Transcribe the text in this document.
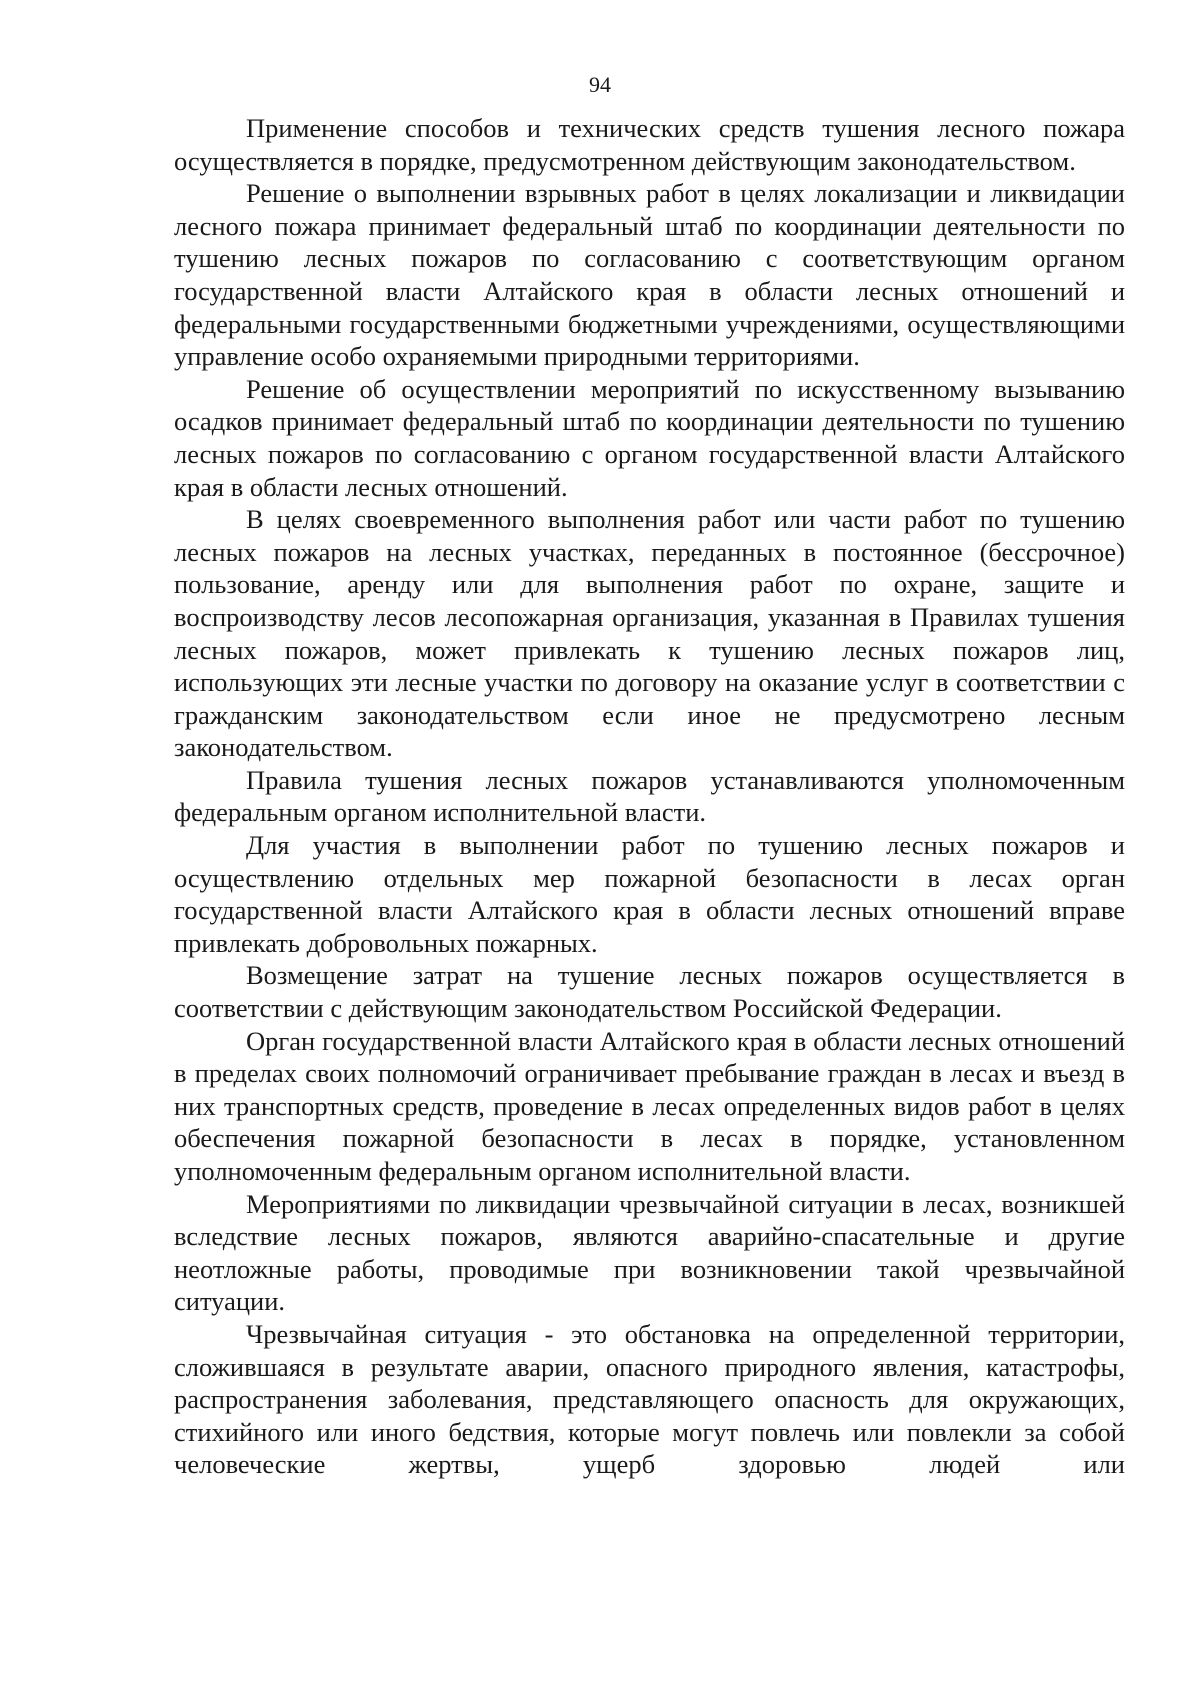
94

Применение способов и технических средств тушения лесного пожара осуществляется в порядке, предусмотренном действующим законодательством.

Решение о выполнении взрывных работ в целях локализации и ликвидации лесного пожара принимает федеральный штаб по координации деятельности по тушению лесных пожаров по согласованию с соответствующим органом государственной власти Алтайского края в области лесных отношений и федеральными государственными бюджетными учреждениями, осуществляющими управление особо охраняемыми природными территориями.

Решение об осуществлении мероприятий по искусственному вызыванию осадков принимает федеральный штаб по координации деятельности по тушению лесных пожаров по согласованию с органом государственной власти Алтайского края в области лесных отношений.

В целях своевременного выполнения работ или части работ по тушению лесных пожаров на лесных участках, переданных в постоянное (бессрочное) пользование, аренду или для выполнения работ по охране, защите и воспроизводству лесов лесопожарная организация, указанная в Правилах тушения лесных пожаров, может привлекать к тушению лесных пожаров лиц, использующих эти лесные участки по договору на оказание услуг в соответствии с гражданским законодательством если иное не предусмотрено лесным законодательством.

Правила тушения лесных пожаров устанавливаются уполномоченным федеральным органом исполнительной власти.

Для участия в выполнении работ по тушению лесных пожаров и осуществлению отдельных мер пожарной безопасности в лесах орган государственной власти Алтайского края в области лесных отношений вправе привлекать добровольных пожарных.

Возмещение затрат на тушение лесных пожаров осуществляется в соответствии с действующим законодательством Российской Федерации.

Орган государственной власти Алтайского края в области лесных отношений в пределах своих полномочий ограничивает пребывание граждан в лесах и въезд в них транспортных средств, проведение в лесах определенных видов работ в целях обеспечения пожарной безопасности в лесах в порядке, установленном уполномоченным федеральным органом исполнительной власти.

Мероприятиями по ликвидации чрезвычайной ситуации в лесах, возникшей вследствие лесных пожаров, являются аварийно-спасательные и другие неотложные работы, проводимые при возникновении такой чрезвычайной ситуации.

Чрезвычайная ситуация - это обстановка на определенной территории, сложившаяся в результате аварии, опасного природного явления, катастрофы, распространения заболевания, представляющего опасность для окружающих, стихийного или иного бедствия, которые могут повлечь или повлекли за собой человеческие жертвы, ущерб здоровью людей или
